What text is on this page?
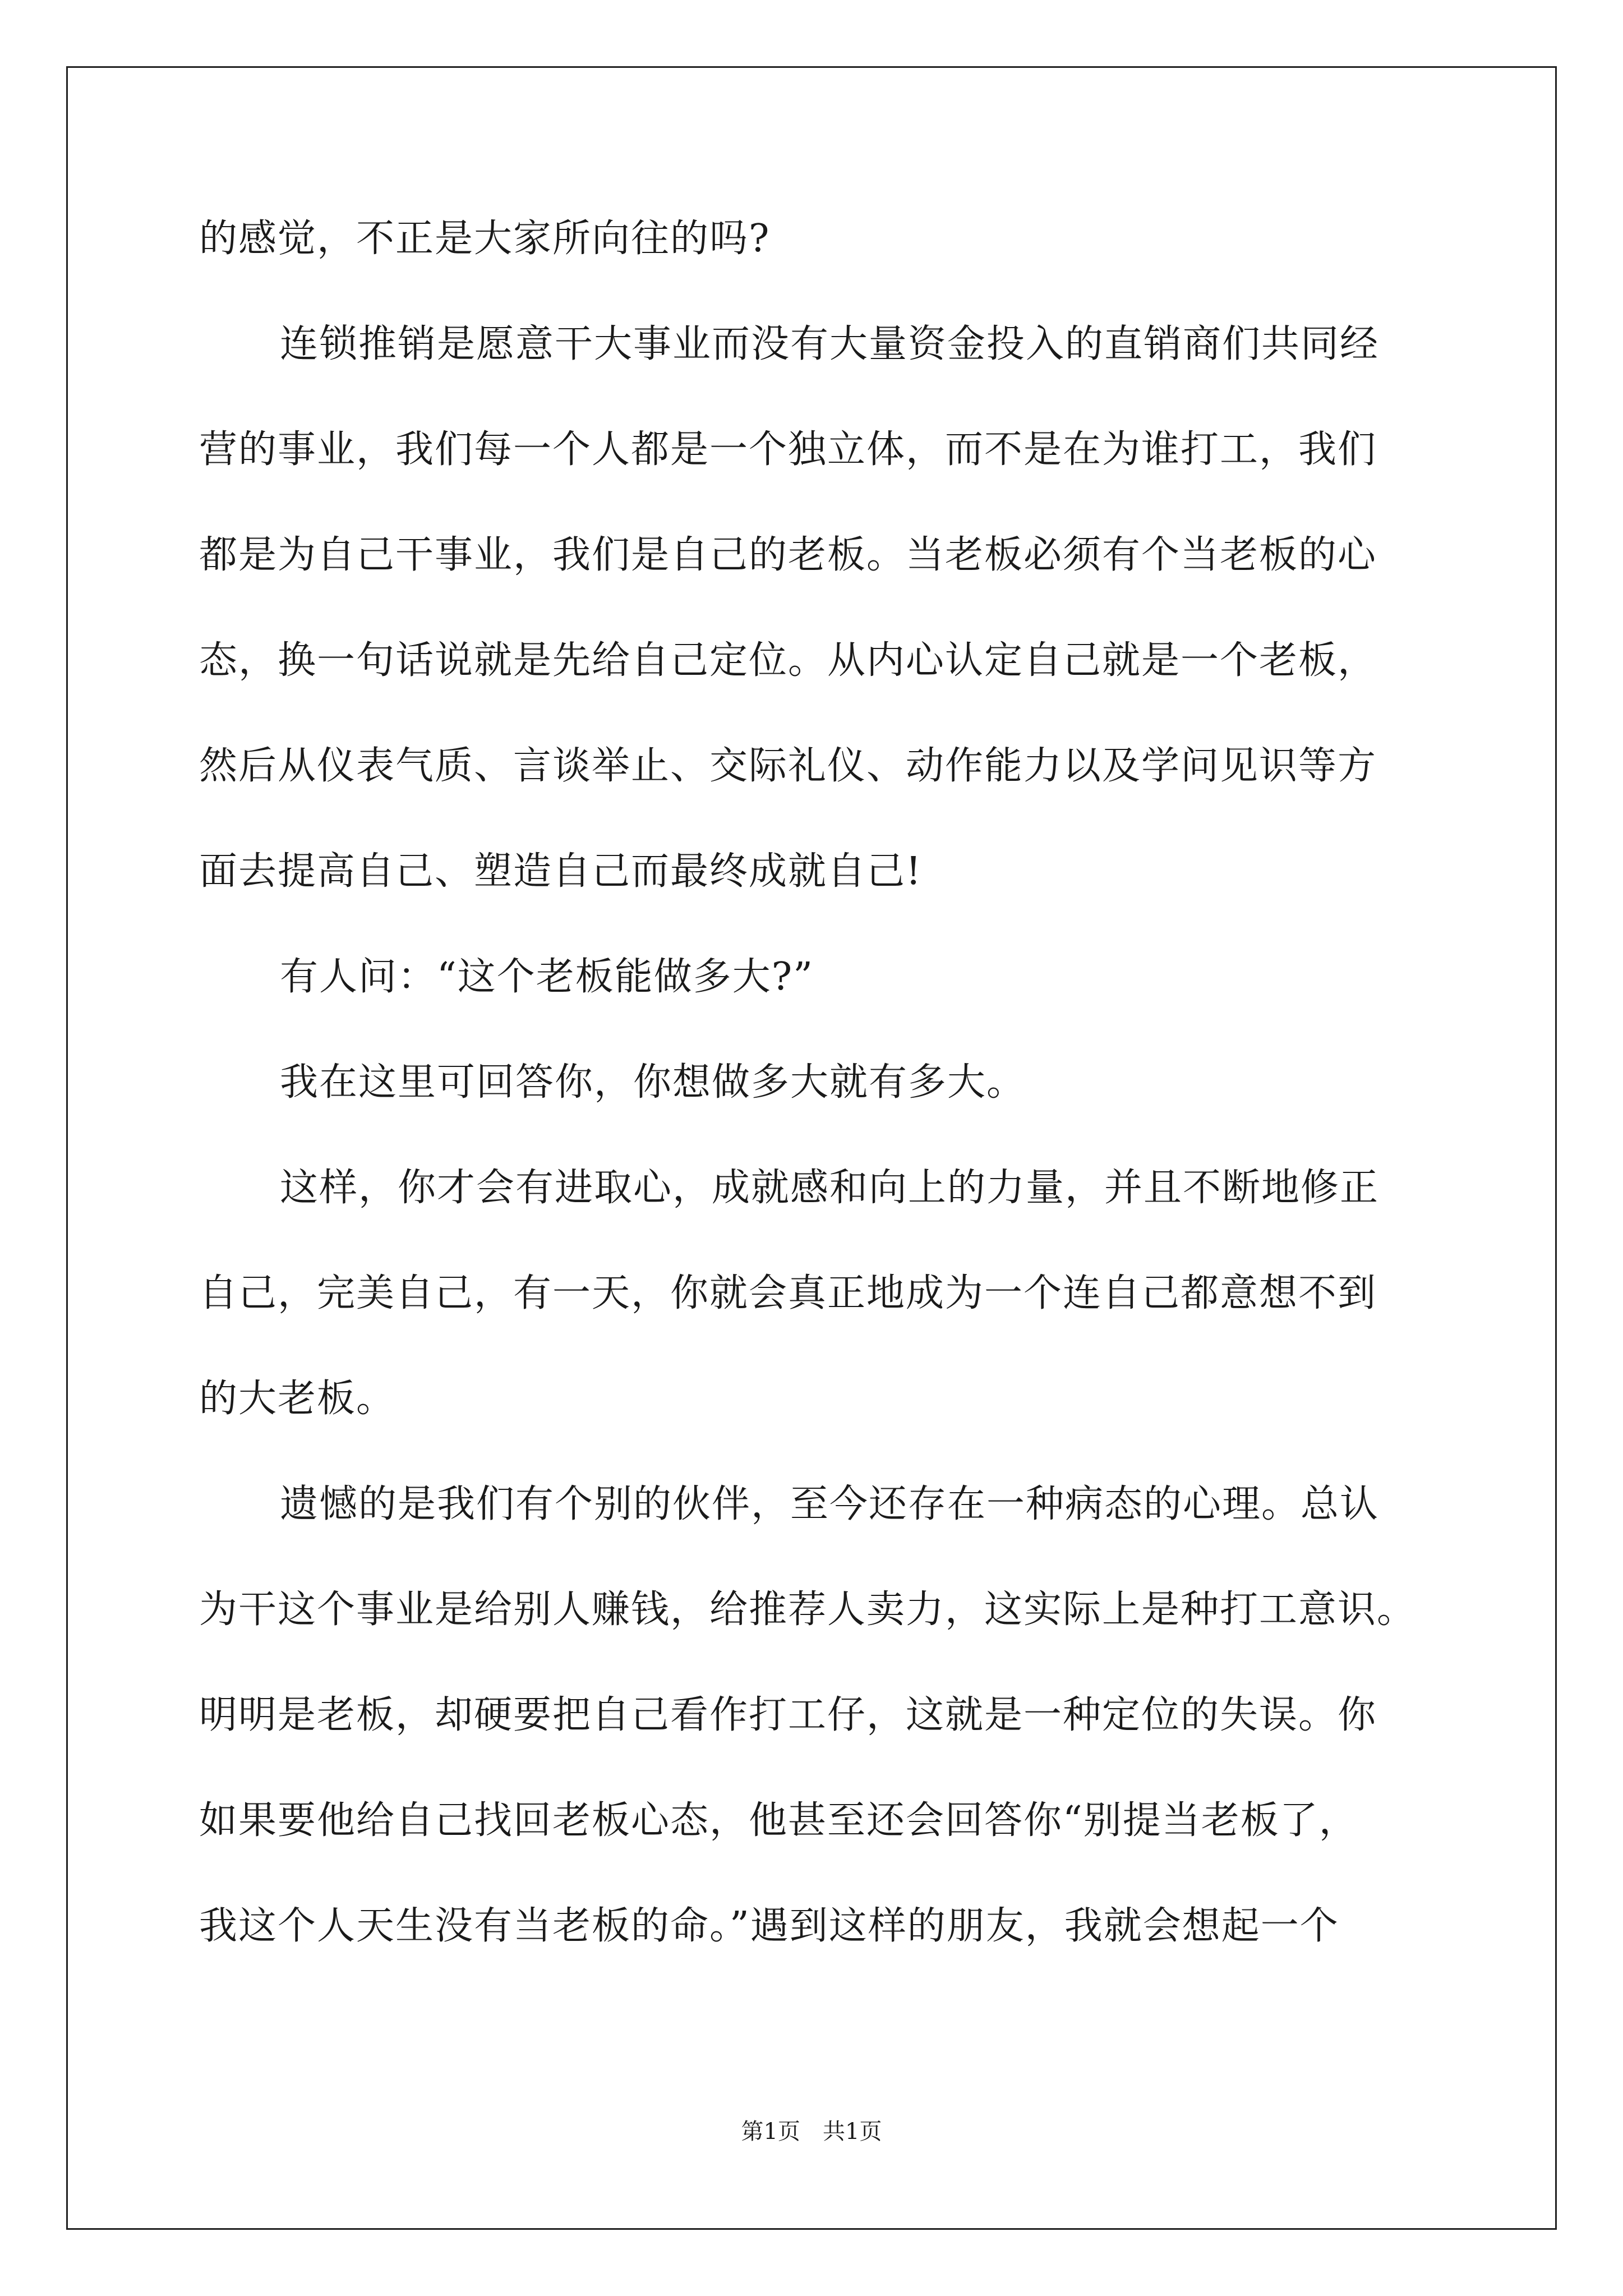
的感觉，不正是大家所向往的吗?
连锁推销是愿意干大事业而没有大量资金投入的直销商们共同经
营的事业，我们每一个人都是一个独立体，而不是在为谁打工，我们
都是为自己干事业，我们是自己的老板。当老板必须有个当老板的心
态，换一句话说就是先给自己定位。从内心认定自己就是一个老板，
然后从仪表气质、言谈举止、交际礼仪、动作能力以及学问见识等方
面去提高自己、塑造自己而最终成就自己!
有人问：“这个老板能做多大?”
我在这里可回答你，你想做多大就有多大。
这样，你才会有进取心，成就感和向上的力量，并且不断地修正
自己，完美自己，有一天，你就会真正地成为一个连自己都意想不到
的大老板。
遗憾的是我们有个别的伙伴，至今还存在一种病态的心理。总认
为干这个事业是给别人赚钱，给推荐人卖力，这实际上是种打工意识。
明明是老板，却硬要把自己看作打工仔，这就是一种定位的失误。你
如果要他给自己找回老板心态，他甚至还会回答你“别提当老板了，
我这个人天生没有当老板的命。”遇到这样的朋友，我就会想起一个
第1页　共1页
